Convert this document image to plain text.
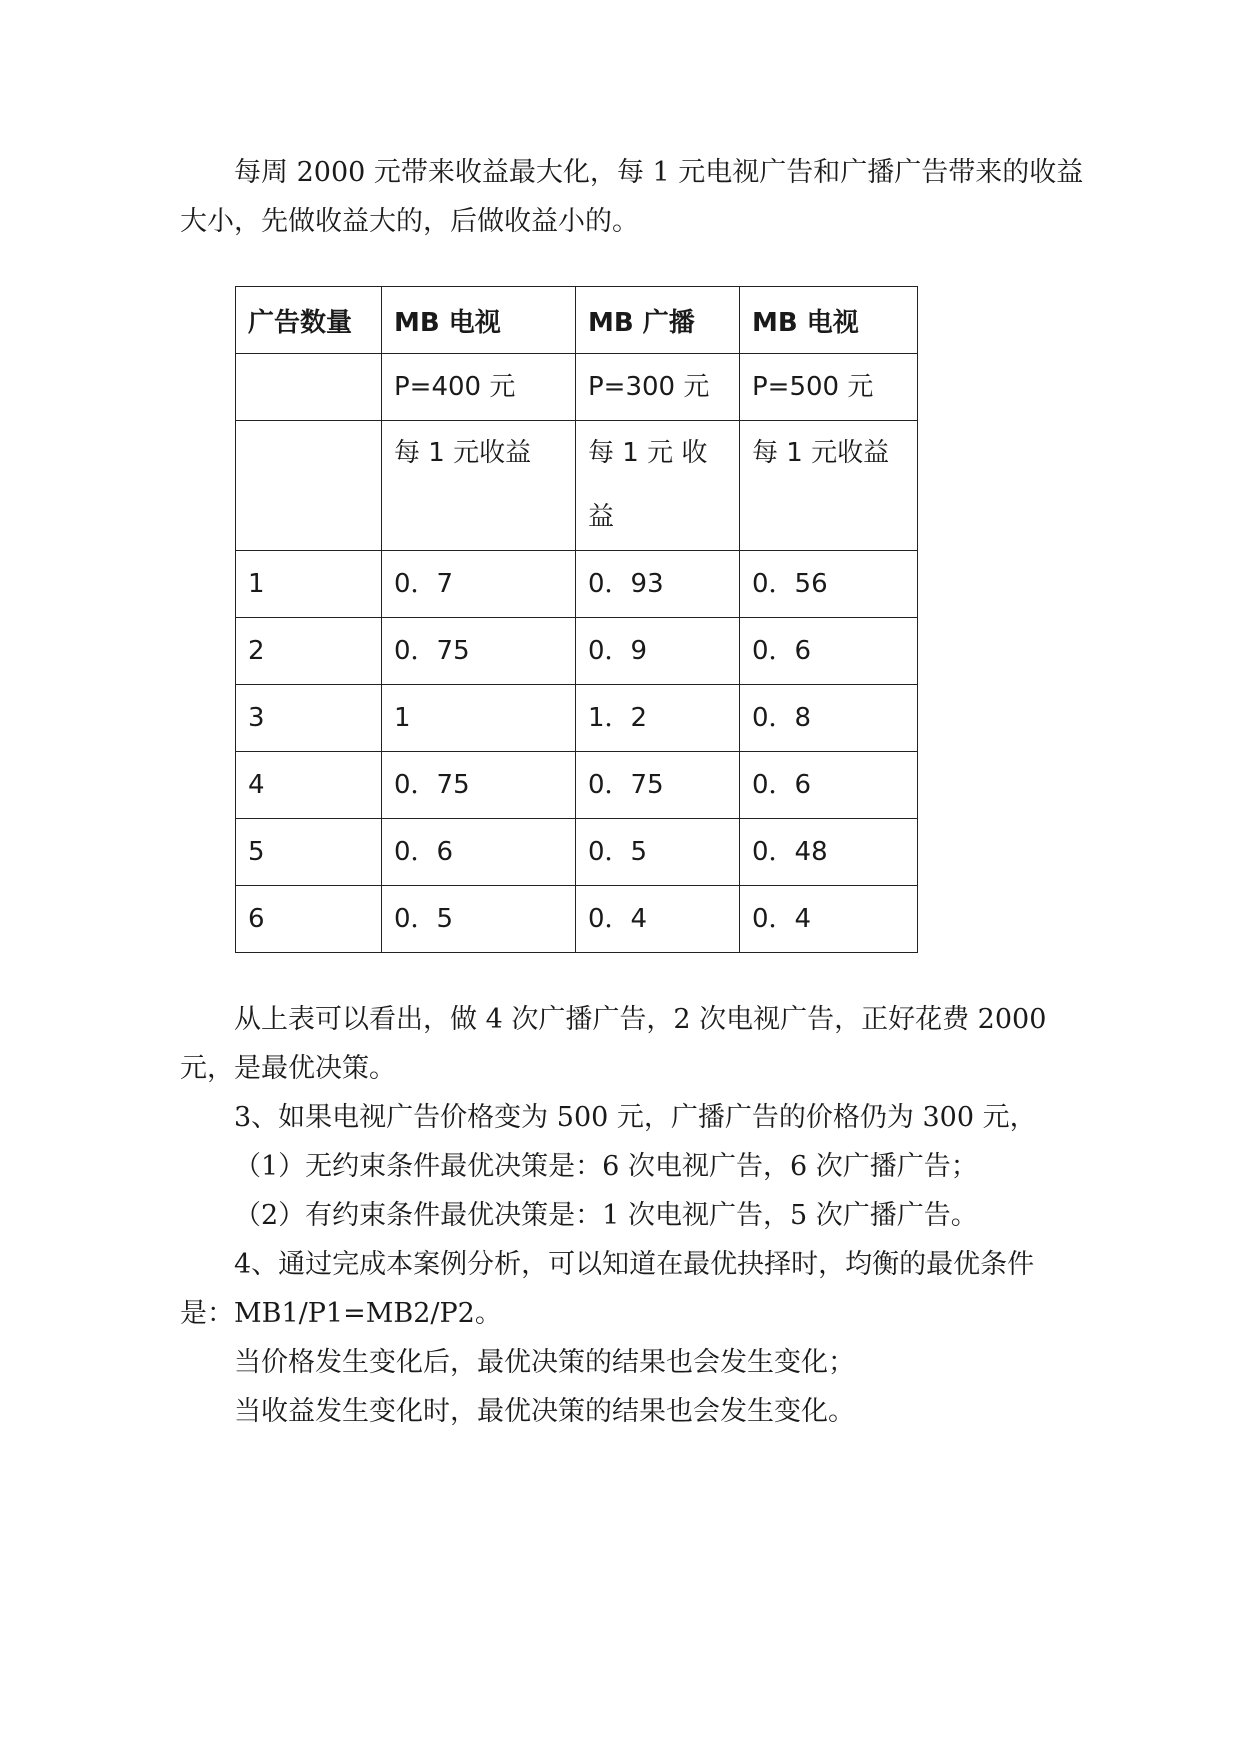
每周 2000 元带来收益最大化，每 1 元电视广告和广播广告带来的收益大小，先做收益大的，后做收益小的。

广告数量	MB 电视	MB 广播	MB 电视
	P=400 元	P=300 元	P=500 元
	每 1 元收益	每 1 元 收益	每 1 元收益
1	0．7	0．93	0．56
2	0．75	0．9	0．6
3	1	1．2	0．8
4	0．75	0．75	0．6
5	0．6	0．5	0．48
6	0．5	0．4	0．4

从上表可以看出，做 4 次广播广告，2 次电视广告，正好花费 2000 元，是最优决策。

3、如果电视广告价格变为 500 元，广播广告的价格仍为 300 元，

（1）无约束条件最优决策是：6 次电视广告，6 次广播广告；

（2）有约束条件最优决策是：1 次电视广告，5 次广播广告。

4、通过完成本案例分析，可以知道在最优抉择时，均衡的最优条件是：MB1/P1=MB2/P2。

当价格发生变化后，最优决策的结果也会发生变化；

当收益发生变化时，最优决策的结果也会发生变化。
